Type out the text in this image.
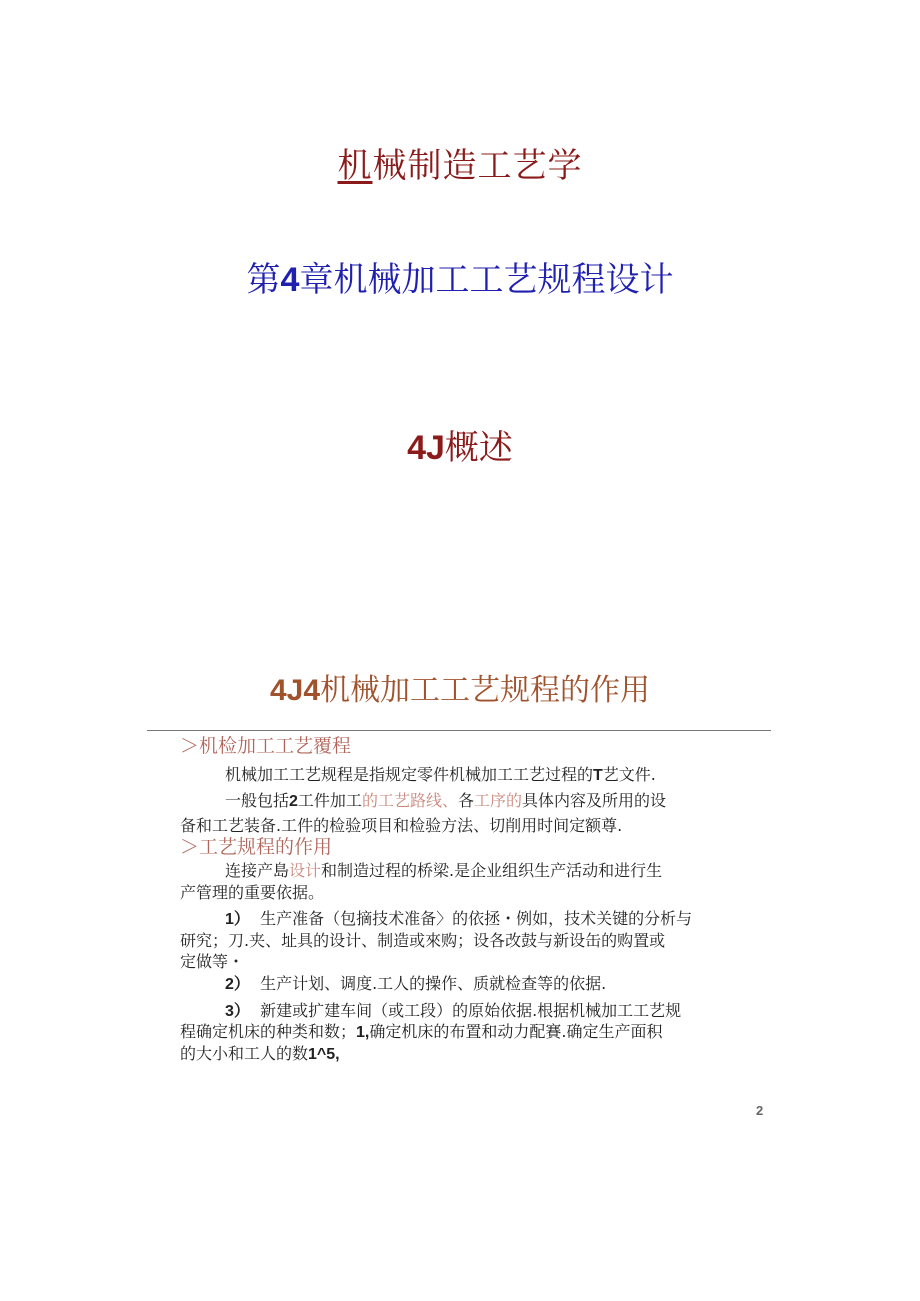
机械制造工艺学
第4章机械加工工艺规程设计
4J概述
4J4机械加工工艺规程的作用
＞机检加工工艺覆程
机械加工工艺规程是指规定零件机械加工工艺过程的T艺文件.
一般包括2工件加工的工艺路线、各工序的具体内容及所用的设
备和工艺装备.工件的检验项目和检验方法、切削用时间定额尊.
＞工艺规程的作用
连接产島设计和制造过程的桥梁.是企业组织生产活动和进行生
产管理的重要依据。
1） 生产准备（包摘技术准备〉的依拯・例如，技术关键的分析与
研究；刀.夹、址具的设计、制造或來购；设各改鼓与新设缶的购置或
定做等・
2） 生产计划、调度.工人的操作、质就检查等的依据.
3） 新建或扩建车间（或工段）的原始依据.根据机械加工工艺规
程确定机床的种类和数；1,确定机床的布置和动力配賽.确定生产面积
的大小和工人的数1^5,
2
